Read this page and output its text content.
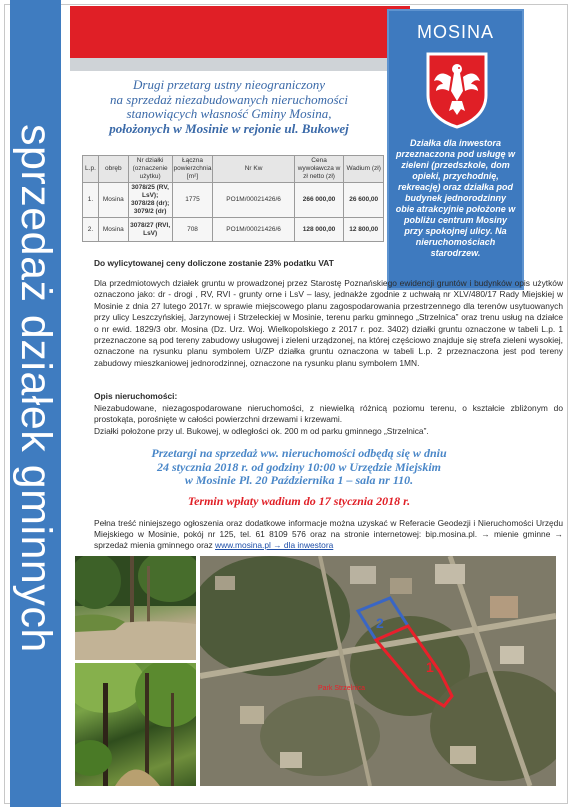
sprzedaż działek gminnych
MOSINA
Działka dla inwestora przeznaczona pod usługę w zieleni (przedszkole, dom opieki, przychodnię, rekreację) oraz działka pod budynek jednorodzinny obie atrakcyjnie położone w pobliżu centrum Mosiny przy spokojnej ulicy. Na nieruchomościach starodrzew.
Drugi przetarg ustny nieograniczony
na sprzedaż niezabudowanych nieruchomości
stanowiących własność Gminy Mosina,
położonych w Mosinie w rejonie ul. Bukowej
L.p.	obręb	Nr działki (oznaczenie użytku)	Łączna powierzchnia [m²]	Nr Kw	Cena wywoławcza w zł netto (zł)	Wadium (zł)
1.	Mosina	3078/25 (RV, LsV); 3078/28 (dr); 3079/2 (dr)	1775	PO1M/00021426/6	266 000,00	26 600,00
2.	Mosina	3078/27 (RVI, LsV)	708	PO1M/00021426/6	128 000,00	12 800,00
Do wylicytowanej ceny doliczone zostanie 23% podatku VAT
Dla przedmiotowych działek gruntu w prowadzonej przez Starostę Poznańskiego ewidencji gruntów i budynków opis użytków oznaczono jako: dr - drogi , RV, RVI - grunty orne i LsV – lasy, jednakże zgodnie z uchwałą nr XLV/480/17 Rady Miejskiej w Mosinie z dnia 27 lutego 2017r. w sprawie miejscowego planu zagospodarowania przestrzennego dla terenów usytuowanych przy ulicy Leszczyńskiej, Jarzynowej i Strzeleckiej w Mosinie, terenu parku gminnego „Strzelnica” oraz trenu usług na działce o nr ewid. 1829/3 obr. Mosina (Dz. Urz. Woj. Wielkopolskiego z 2017 r. poz. 3402) działki gruntu oznaczone w tabeli L.p. 1 przeznaczone są pod tereny zabudowy usługowej i zieleni urządzonej, na której częściowo znajduje się strefa zieleni wysokiej, oznaczone na rysunku planu symbolem U/ZP działka gruntu oznaczona w tabeli L.p. 2 przeznaczona jest pod tereny zabudowy mieszkaniowej jednorodzinnej, oznaczone na rysunku planu symbolem 1MN.
Opis nieruchomości:
Niezabudowane, niezagospodarowane nieruchomości, z niewielką różnicą poziomu terenu, o kształcie zbliżonym do prostokąta, porośnięte w całości powierzchni drzewami i krzewami.
Działki położone przy ul. Bukowej, w odległości ok. 200 m od parku gminnego „Strzelnica”.
Przetargi na sprzedaż ww. nieruchomości odbędą się w dniu
24 stycznia 2018 r. od godziny 10:00 w Urzędzie Miejskim
w Mosinie Pl. 20 Października 1 – sala nr 110.
Termin wpłaty wadium do 17 stycznia 2018 r.
Pełna treść niniejszego ogłoszenia oraz dodatkowe informacje można uzyskać w Referacie Geodezji i Nieruchomości Urzędu Miejskiego w Mosinie, pokój nr 125, tel. 61 8109 576 oraz na stronie internetowej: bip.mosina.pl. → mienie gminne → sprzedaż mienia gminnego oraz www.mosina.pl → dla inwestora
2
1
Park Strzelnica
